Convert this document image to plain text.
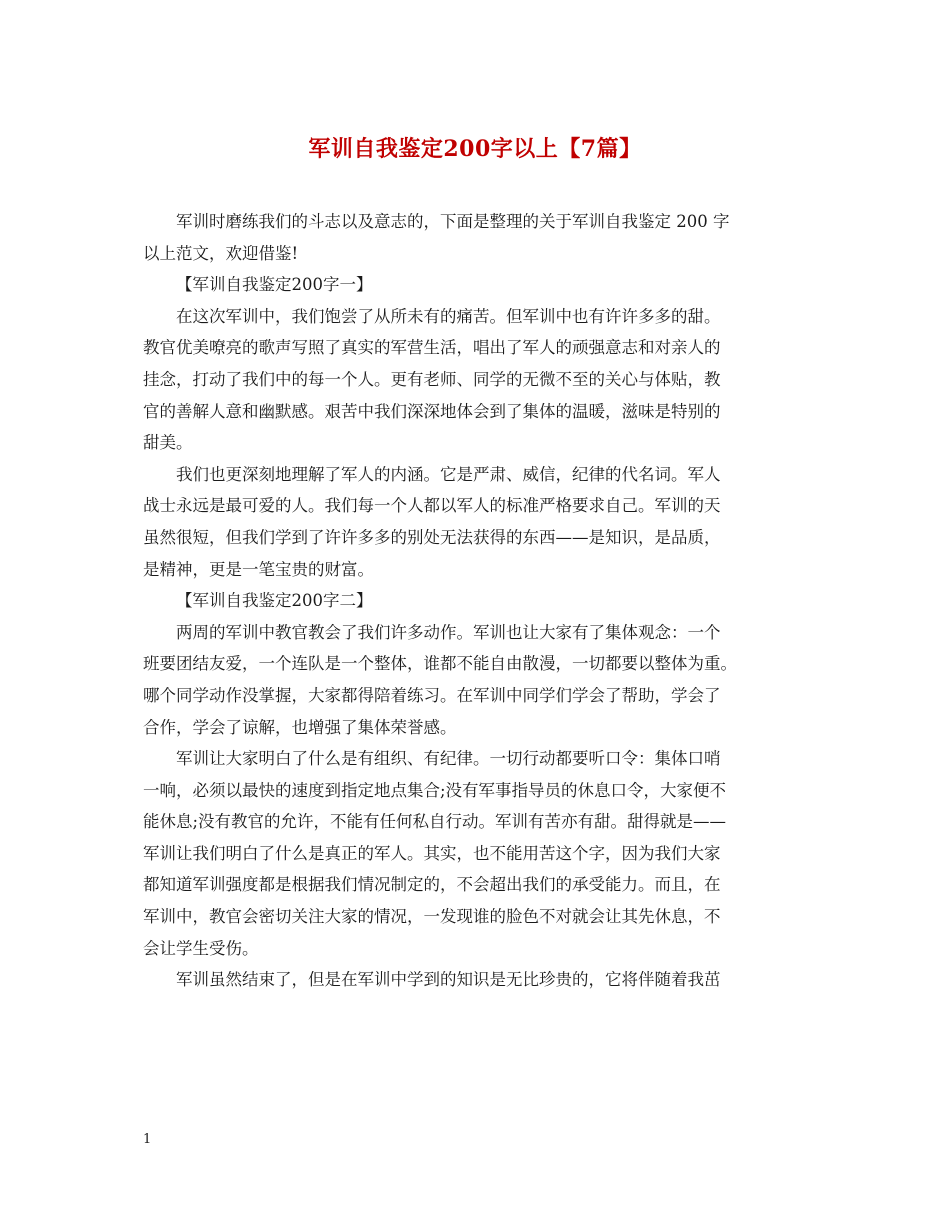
军训自我鉴定200字以上【7篇】

军训时磨练我们的斗志以及意志的，下面是整理的关于军训自我鉴定 200 字
以上范文，欢迎借鉴!

【军训自我鉴定200字一】

在这次军训中，我们饱尝了从所未有的痛苦。但军训中也有许许多多的甜。
教官优美嘹亮的歌声写照了真实的军营生活，唱出了军人的顽强意志和对亲人的
挂念，打动了我们中的每一个人。更有老师、同学的无微不至的关心与体贴，教
官的善解人意和幽默感。艰苦中我们深深地体会到了集体的温暖，滋味是特别的
甜美。

我们也更深刻地理解了军人的内涵。它是严肃、威信，纪律的代名词。军人
战士永远是最可爱的人。我们每一个人都以军人的标准严格要求自己。军训的天
虽然很短，但我们学到了许许多多的别处无法获得的东西——是知识，是品质，
是精神，更是一笔宝贵的财富。

【军训自我鉴定200字二】

两周的军训中教官教会了我们许多动作。军训也让大家有了集体观念：一个
班要团结友爱，一个连队是一个整体，谁都不能自由散漫，一切都要以整体为重。
哪个同学动作没掌握，大家都得陪着练习。在军训中同学们学会了帮助，学会了
合作，学会了谅解，也增强了集体荣誉感。

军训让大家明白了什么是有组织、有纪律。一切行动都要听口令：集体口哨
一响，必须以最快的速度到指定地点集合;没有军事指导员的休息口令，大家便不
能休息;没有教官的允许，不能有任何私自行动。军训有苦亦有甜。甜得就是——
军训让我们明白了什么是真正的军人。其实，也不能用苦这个字，因为我们大家
都知道军训强度都是根据我们情况制定的，不会超出我们的承受能力。而且，在
军训中，教官会密切关注大家的情况，一发现谁的脸色不对就会让其先休息，不
会让学生受伤。

军训虽然结束了，但是在军训中学到的知识是无比珍贵的，它将伴随着我茁

1
